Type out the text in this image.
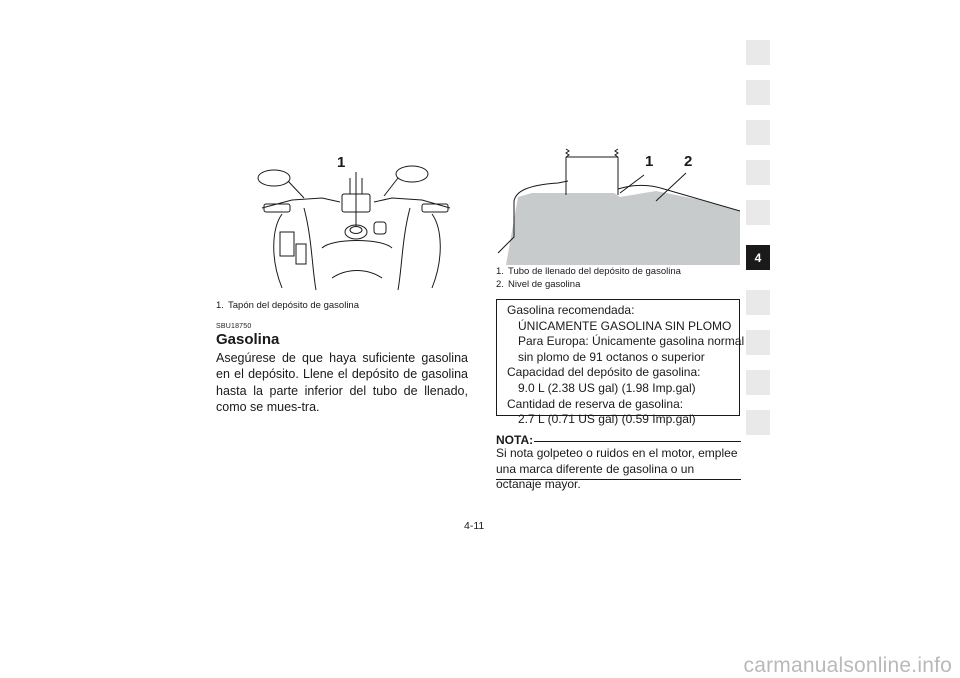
1
1. Tapón del depósito de gasolina
SBU18750
Gasolina
Asegúrese de que haya suficiente gasolina en el depósito. Llene el depósito de gasolina hasta la parte inferior del tubo de llenado, como se mues-tra.
1 2
1. Tubo de llenado del depósito de gasolina
2. Nivel de gasolina
Gasolina recomendada:
ÚNICAMENTE GASOLINA SIN PLOMO
Para Europa: Únicamente gasolina normal
sin plomo de 91 octanos o superior
Capacidad del depósito de gasolina:
9.0 L (2.38 US gal) (1.98 Imp.gal)
Cantidad de reserva de gasolina:
2.7 L (0.71 US gal) (0.59 Imp.gal)
NOTA:
Si nota golpeteo o ruidos en el motor, emplee una marca diferente de gasolina o un octanaje mayor.
4-11
4
carmanualsonline.info
